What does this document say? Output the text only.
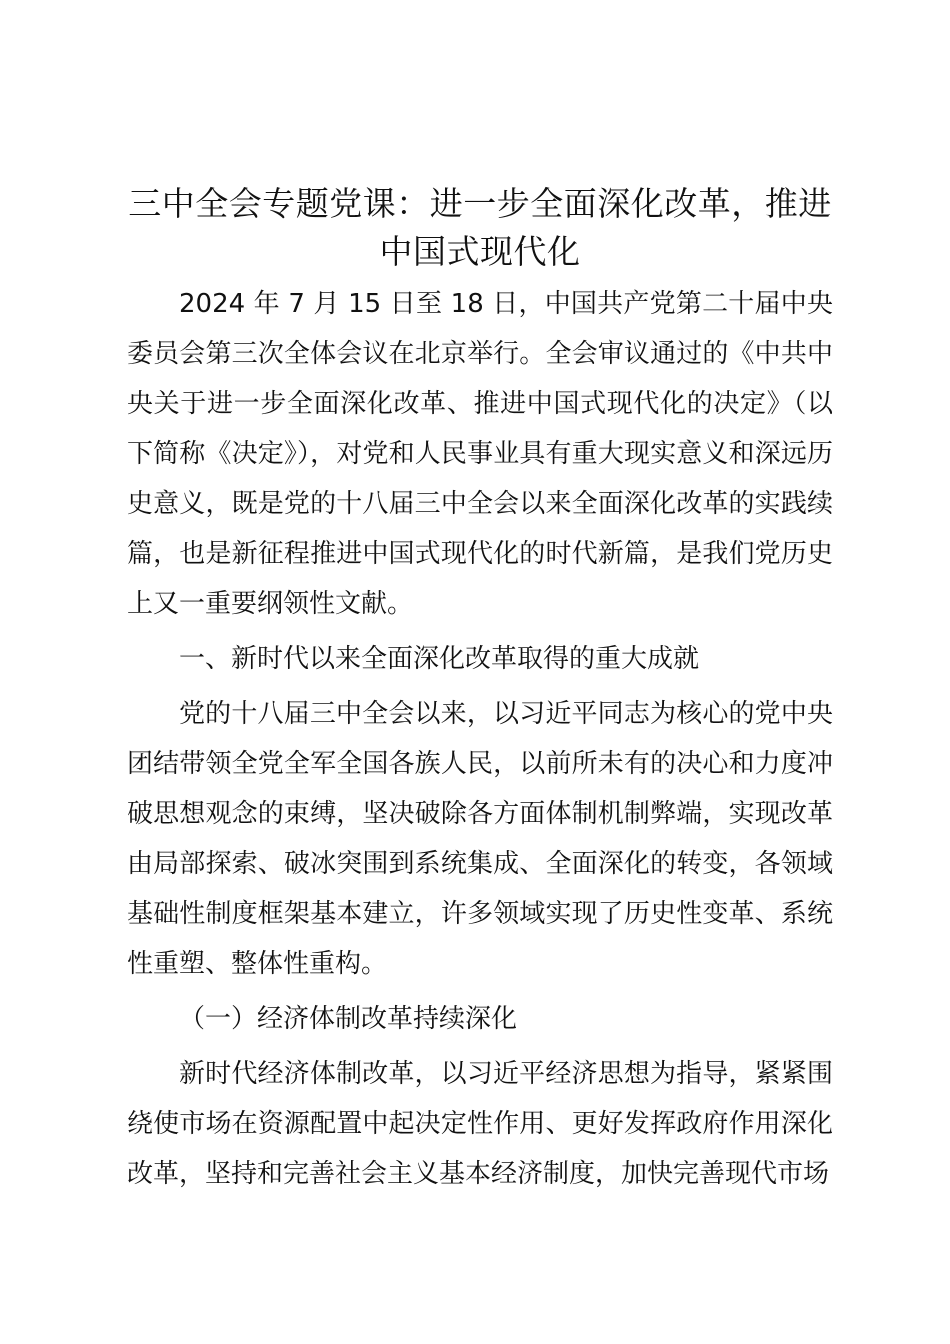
三中全会专题党课：进一步全面深化改革，推进中国式现代化

2024 年 7 月 15 日至 18 日，中国共产党第二十届中央委员会第三次全体会议在北京举行。全会审议通过的《中共中央关于进一步全面深化改革、推进中国式现代化的决定》（以下简称《决定》），对党和人民事业具有重大现实意义和深远历史意义，既是党的十八届三中全会以来全面深化改革的实践续篇，也是新征程推进中国式现代化的时代新篇，是我们党历史上又一重要纲领性文献。

一、新时代以来全面深化改革取得的重大成就

党的十八届三中全会以来，以习近平同志为核心的党中央团结带领全党全军全国各族人民，以前所未有的决心和力度冲破思想观念的束缚，坚决破除各方面体制机制弊端，实现改革由局部探索、破冰突围到系统集成、全面深化的转变，各领域基础性制度框架基本建立，许多领域实现了历史性变革、系统性重塑、整体性重构。

（一）经济体制改革持续深化

新时代经济体制改革，以习近平经济思想为指导，紧紧围绕使市场在资源配置中起决定性作用、更好发挥政府作用深化改革，坚持和完善社会主义基本经济制度，加快完善现代市场
